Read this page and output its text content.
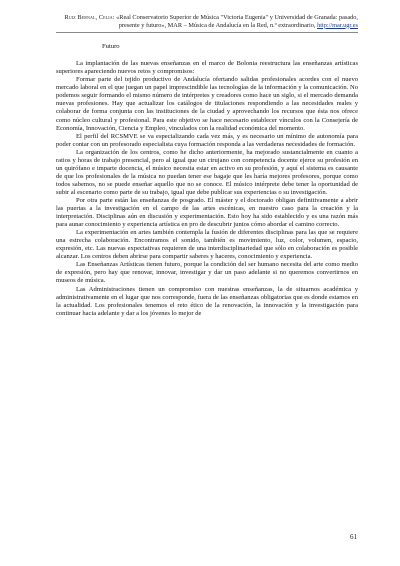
Ruiz Bernal, Celia: «Real Conservatorio Superior de Música "Victoria Eugenia" y Universidad de Granada: pasado, presente y futuro», MAR – Música de Andalucía en la Red, n.º extraordinario, http://mar.ugr.es
Futuro

La implantación de las nuevas enseñanzas en el marco de Bolonia reestructura las enseñanzas artísticas superiores apareciendo nuevos retos y compromisos:

Formar parte del tejido productivo de Andalucía ofertando salidas profesionales acordes con el nuevo mercado laboral en el que juegan un papel imprescindible las tecnologías de la información y la comunicación. No podemos seguir formando el mismo número de intérpretes y creadores como hace un siglo, si el mercado demanda nuevas profesiones. Hay que actualizar los catálogos de titulaciones respondiendo a las necesidades reales y colaborar de forma conjunta con las instituciones de la ciudad y aprovechando los recursos que ésta nos ofrece como núcleo cultural y profesional. Para este objetivo se hace necesario establecer vínculos con la Consejería de Economía, Innovación, Ciencia y Empleo, vinculados con la realidad económica del momento.

El perfil del RCSMVE se va especializando cada vez más, y es necesario un mínimo de autonomía para poder contar con un profesorado especialista cuya formación responda a las verdaderas necesidades de formación.

La organización de los centros, como he dicho anteriormente, ha mejorado sustancialmente en cuanto a ratios y horas de trabajo presencial, pero al igual que un cirujano con competencia docente ejerce su profesión en un quirófano e imparte docencia, el músico necesita estar en activo en su profesión, y aquí el sistema es causante de que los profesionales de la música no puedan tener ese bagaje que les haría mejores profesores, porque como todos sabemos, no se puede enseñar aquello que no se conoce. El músico intérprete debe tener la oportunidad de subir al escenario como parte de su trabajo, igual que debe publicar sus experiencias o su investigación.

Por otra parte están las enseñanzas de posgrado. El máster y el doctorado obligan definitivamente a abrir las puertas a la investigación en el campo de las artes escénicas, en nuestro caso para la creación y la interpretación. Disciplinas aún en discusión y experimentación. Esto hoy ha sido establecido y es una razón más para aunar conocimiento y experiencia artística en pro de descubrir juntos cómo abordar el camino correcto.

La experimentación en artes también contempla la fusión de diferentes disciplinas para las que se requiere una estrecha colaboración. Encontramos el sonido, también es movimiento, luz, color, volumen, espacio, expresión, etc. Las nuevas expectativas requieren de una interdisciplinariedad que sólo en colaboración es posible alcanzar. Los centros deben abrirse para compartir saberes y haceres, conocimiento y experiencia.

Las Enseñanzas Artísticas tienen futuro, porque la condición del ser humano necesita del arte como medio de expresión, pero hay que renovar, innovar, investigar y dar un paso adelante si no queremos convertirnos en museos de música.

Las Administraciones tienen un compromiso con nuestras enseñanzas, la de situarnos académica y administrativamente en el lugar que nos corresponde, fuera de las enseñanzas obligatorias que es donde estamos en la actualidad. Los profesionales tenemos el reto ético de la renovación, la innovación y la investigación para continuar hacia adelante y dar a los jóvenes lo mejor de

61
